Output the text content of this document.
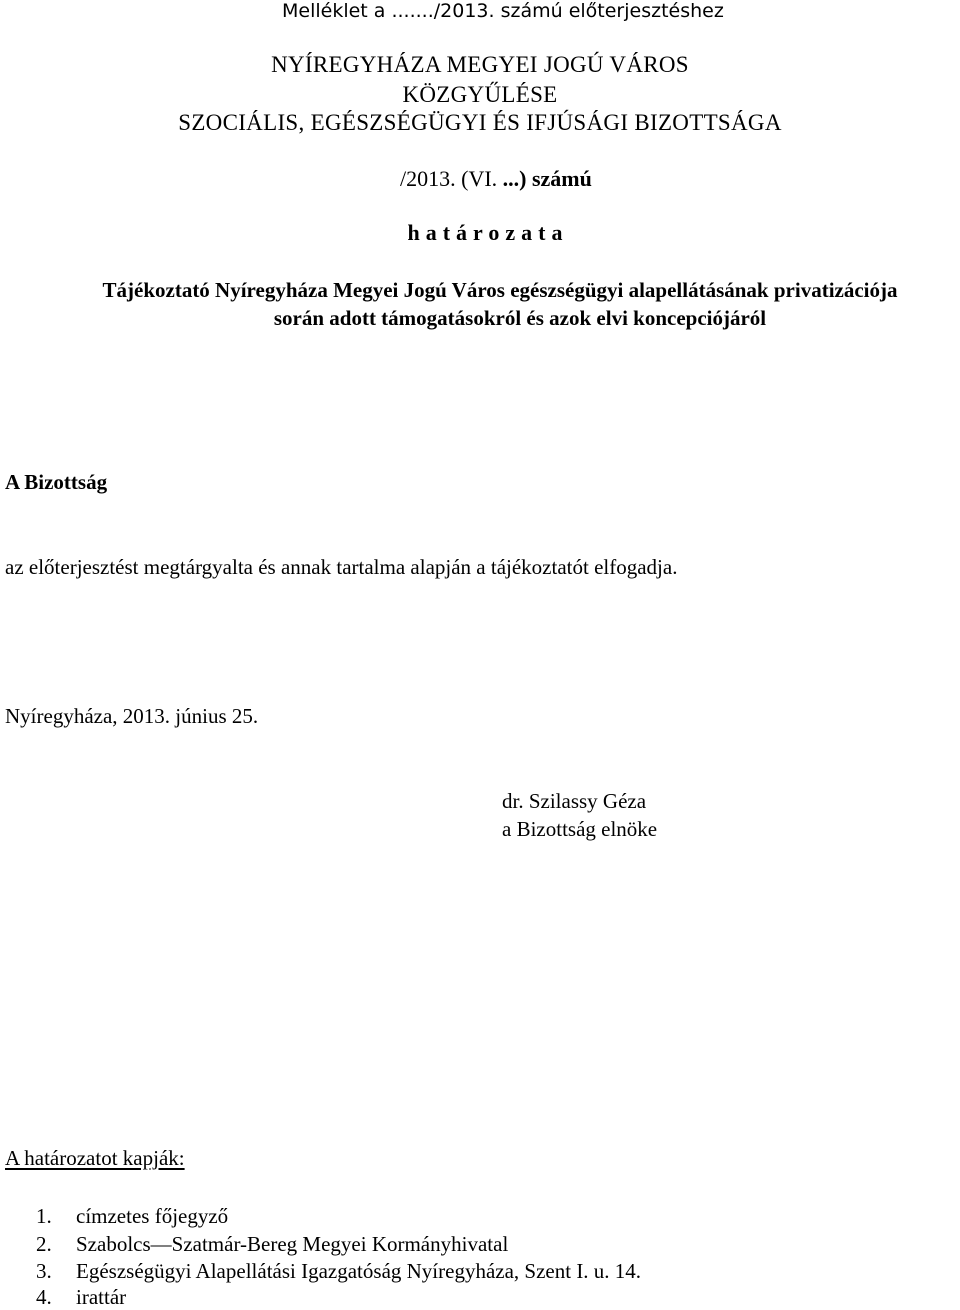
Melléklet a ......./2013. számú előterjesztéshez
NYÍREGYHÁZA MEGYEI JOGÚ VÁROS
KÖZGYŰLÉSE
SZOCIÁLIS, EGÉSZSÉGÜGYI ÉS IFJÚSÁGI BIZOTTSÁGA
/2013. (VI. ...) számú
határozata
Tájékoztató Nyíregyháza Megyei Jogú Város egészségügyi alapellátásának privatizációja
során adott támogatásokról és azok elvi koncepciójáról
A Bizottság
az előterjesztést megtárgyalta és annak tartalma alapján a tájékoztatót elfogadja.
Nyíregyháza, 2013. június 25.
dr. Szilassy Géza
a Bizottság elnöke
A határozatot kapják:
1. címzetes főjegyző
2. Szabolcs—Szatmár-Bereg Megyei Kormányhivatal
3. Egészségügyi Alapellátási Igazgatóság Nyíregyháza, Szent I. u. 14.
4. irattár
